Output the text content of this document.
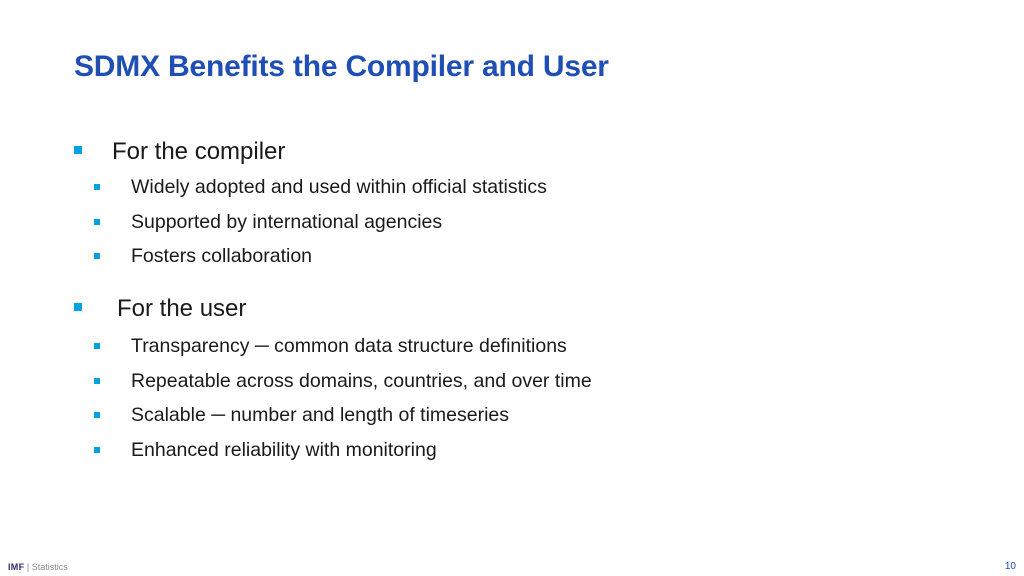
SDMX Benefits the Compiler and User
For the compiler
Widely adopted and used within official statistics
Supported by international agencies
Fosters collaboration
For the user
Transparency ─ common data structure definitions
Repeatable across domains, countries, and over time
Scalable ─ number and length of timeseries
Enhanced reliability with monitoring
IMF | Statistics	10
